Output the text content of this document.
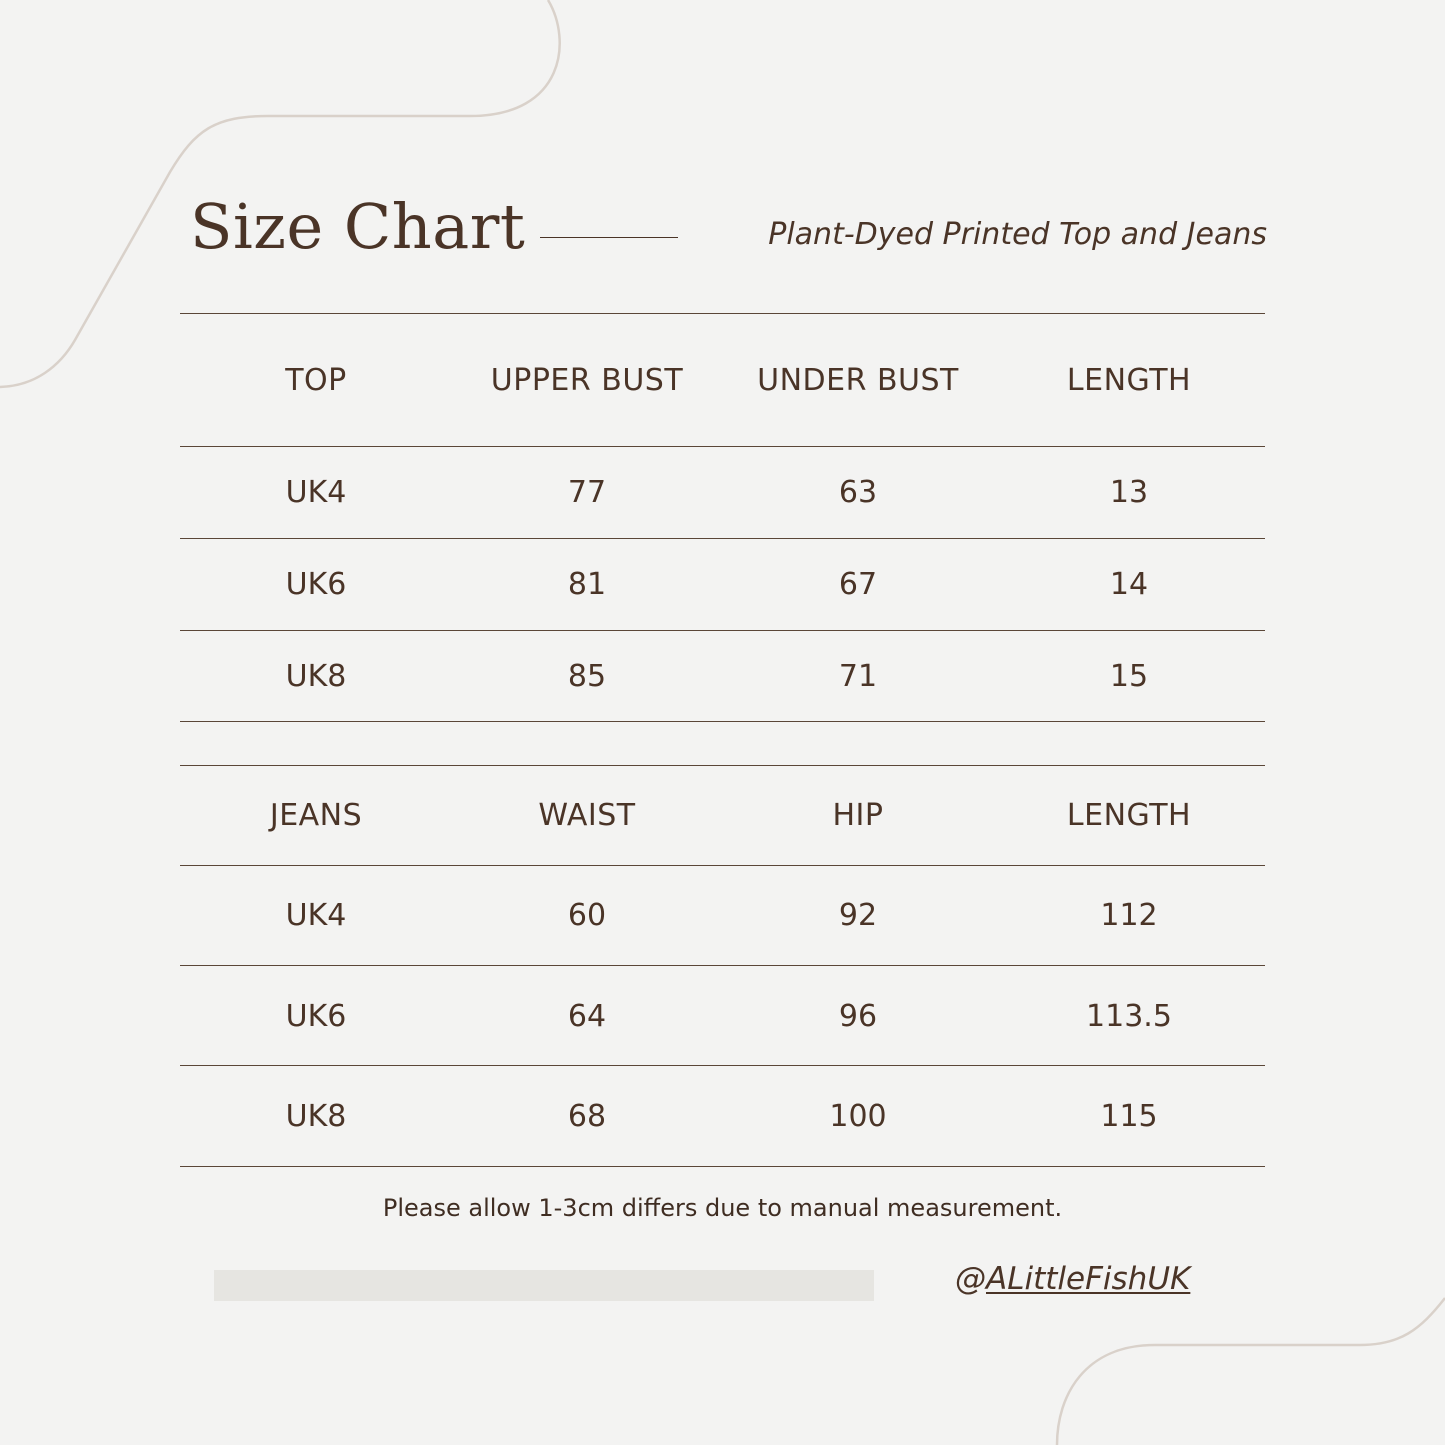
Size Chart	Plant-Dyed Printed Top and Jeans
TOP	UPPER BUST	UNDER BUST	LENGTH
UK4	77	63	13
UK6	81	67	14
UK8	85	71	15
JEANS	WAIST	HIP	LENGTH
UK4	60	92	112
UK6	64	96	113.5
UK8	68	100	115
Please allow 1-3cm differs due to manual measurement.
@ALittleFishUK
